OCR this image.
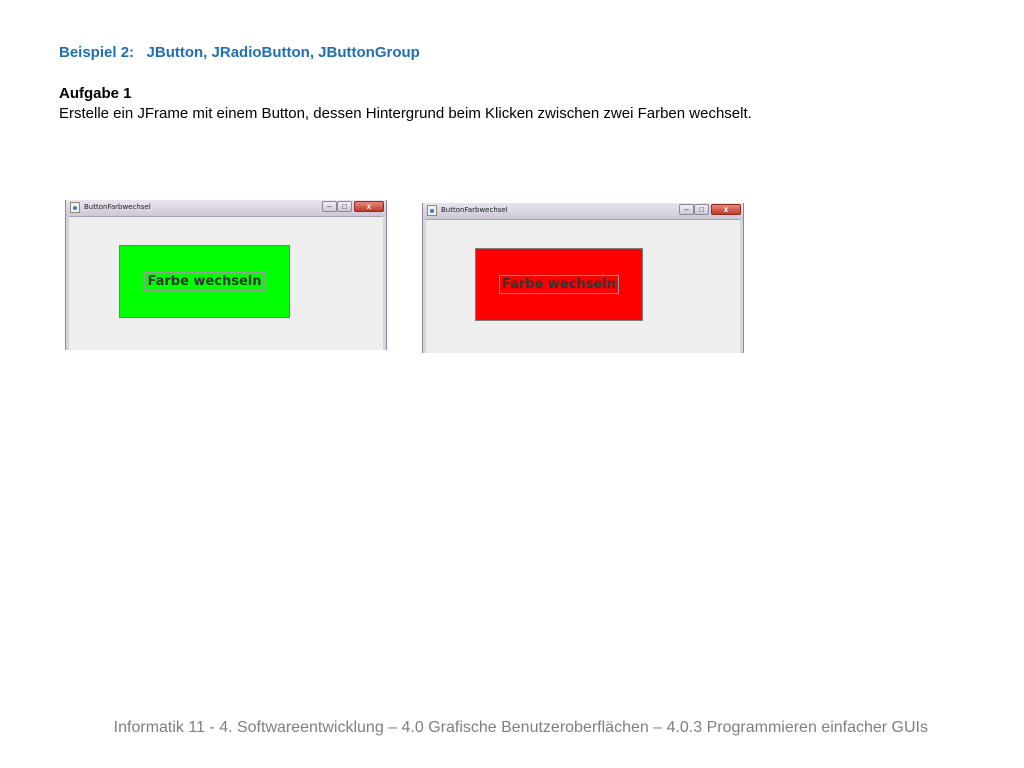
Beispiel 2:   JButton, JRadioButton, JButtonGroup
Aufgabe 1

Erstelle ein JFrame mit einem Button, dessen Hintergrund beim Klicken zwischen zwei Farben wechselt.

ButtonFarbwechsel	–	□	x
Farbe wechseln
ButtonFarbwechsel	–	□	x
Farbe wechseln
Informatik 11 - 4. Softwareentwicklung – 4.0 Grafische Benutzeroberflächen – 4.0.3 Programmieren einfacher GUIs
